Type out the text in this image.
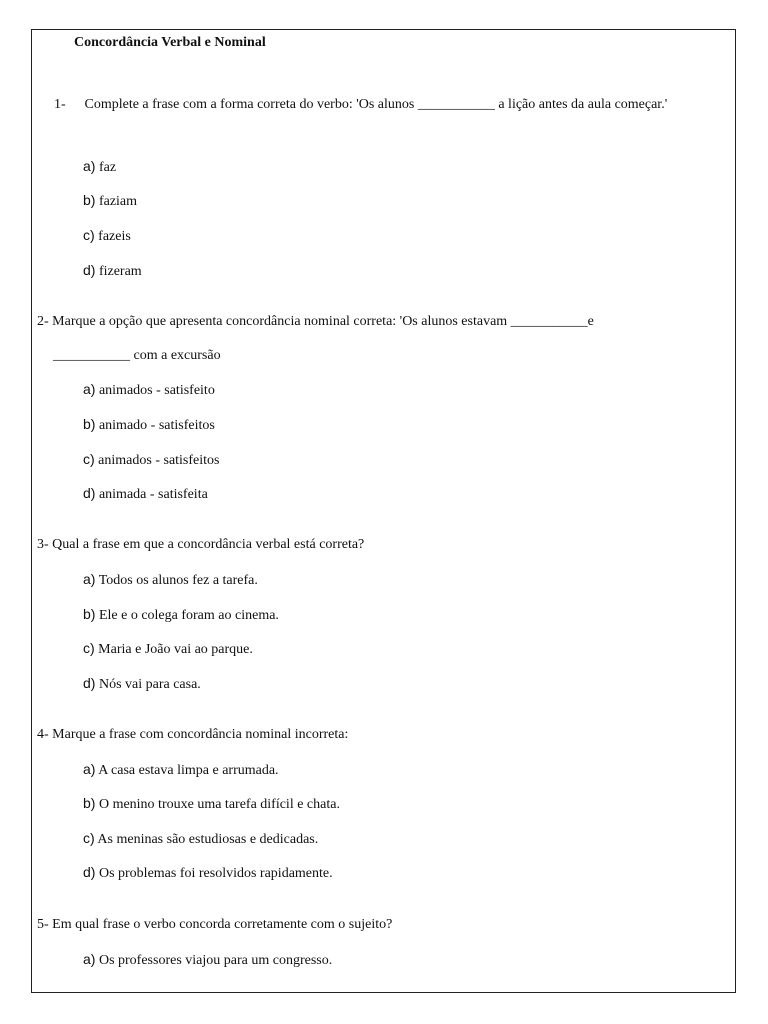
Concordância Verbal e Nominal
1- Complete a frase com a forma correta do verbo: 'Os alunos ___________ a lição antes da aula começar.'
a) faz
b) faziam
c) fazeis
d) fizeram
2- Marque a opção que apresenta concordância nominal correta: 'Os alunos estavam ___________e
___________ com a excursão
a) animados - satisfeito
b) animado - satisfeitos
c) animados - satisfeitos
d) animada - satisfeita
3- Qual a frase em que a concordância verbal está correta?
a) Todos os alunos fez a tarefa.
b) Ele e o colega foram ao cinema.
c) Maria e João vai ao parque.
d) Nós vai para casa.
4- Marque a frase com concordância nominal incorreta:
a) A casa estava limpa e arrumada.
b) O menino trouxe uma tarefa difícil e chata.
c) As meninas são estudiosas e dedicadas.
d) Os problemas foi resolvidos rapidamente.
5- Em qual frase o verbo concorda corretamente com o sujeito?
a) Os professores viajou para um congresso.
